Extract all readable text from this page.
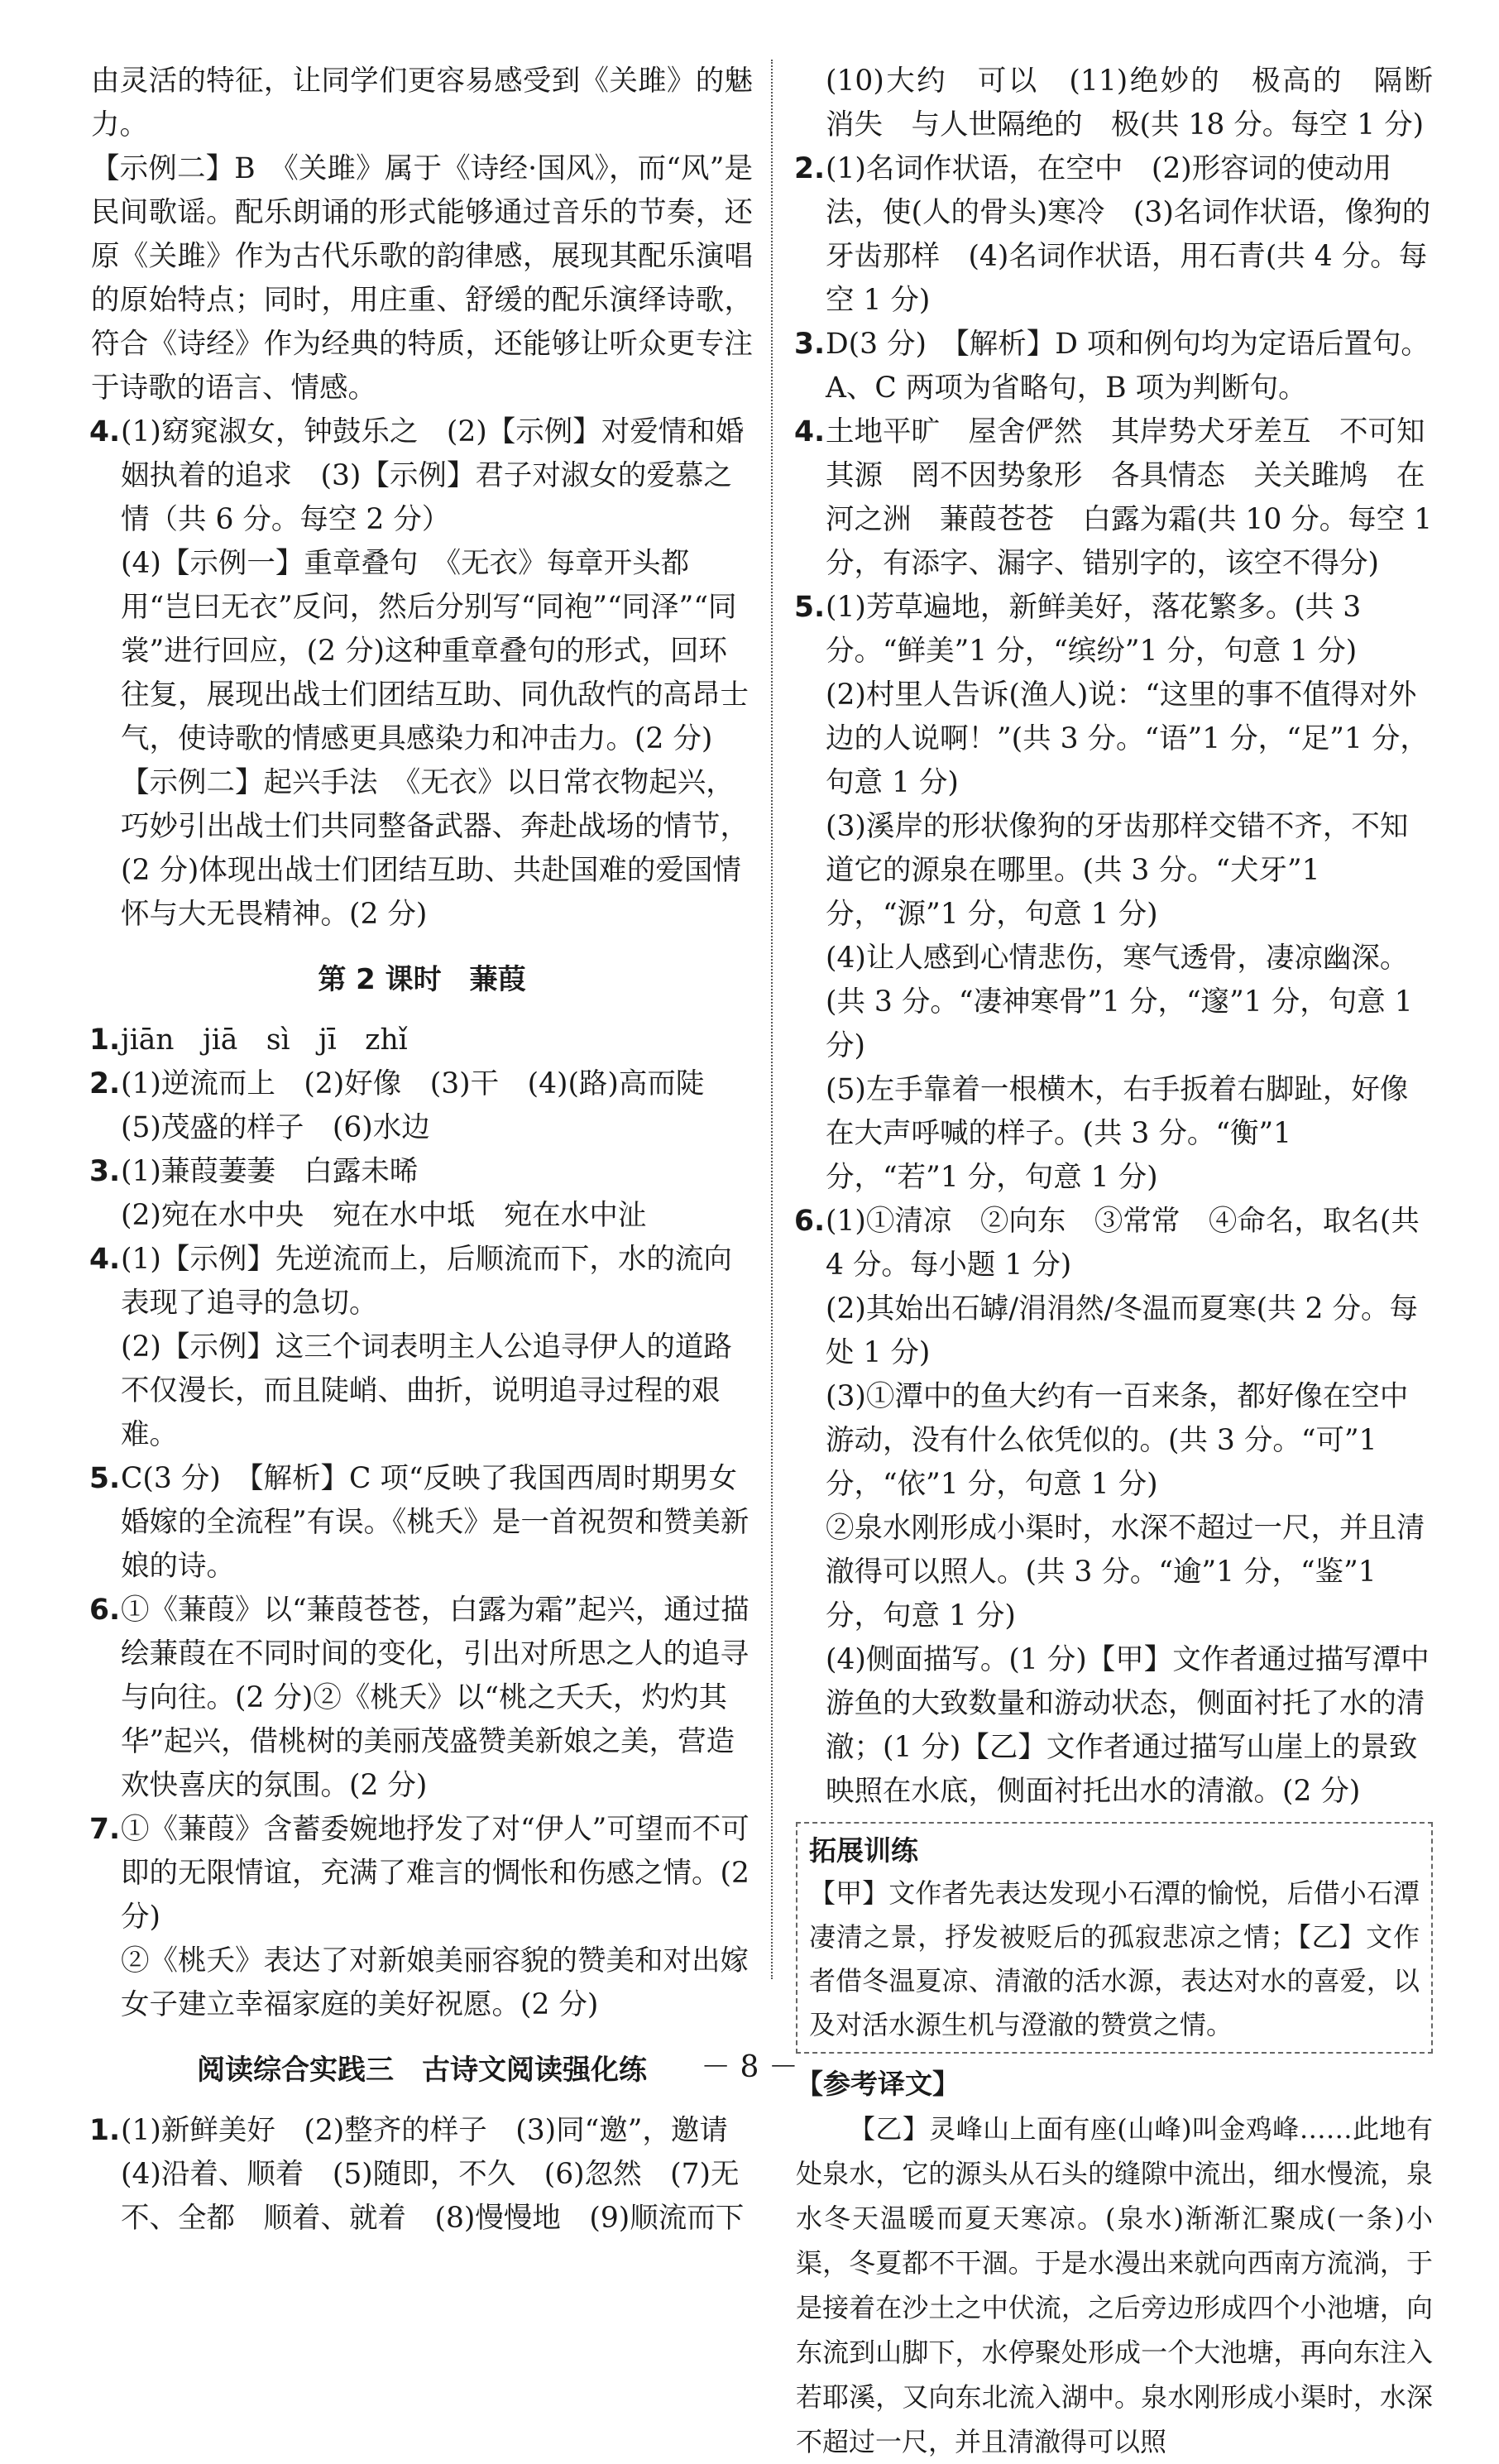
由灵活的特征，让同学们更容易感受到《关雎》的魅力。

【示例二】B　《关雎》属于《诗经·国风》，而“风”是民间歌谣。配乐朗诵的形式能够通过音乐的节奏，还原《关雎》作为古代乐歌的韵律感，展现其配乐演唱的原始特点；同时，用庄重、舒缓的配乐演绎诗歌，符合《诗经》作为经典的特质，还能够让听众更专注于诗歌的语言、情感。

4. (1)窈窕淑女，钟鼓乐之　(2)【示例】对爱情和婚姻执着的追求　(3)【示例】君子对淑女的爱慕之情（共 6 分。每空 2 分）
(4)【示例一】重章叠句　《无衣》每章开头都用“岂曰无衣”反问，然后分别写“同袍”“同泽”“同裳”进行回应，(2 分)这种重章叠句的形式，回环往复，展现出战士们团结互助、同仇敌忾的高昂士气，使诗歌的情感更具感染力和冲击力。(2 分)
【示例二】起兴手法　《无衣》以日常衣物起兴，巧妙引出战士们共同整备武器、奔赴战场的情节，(2 分)体现出战士们团结互助、共赴国难的爱国情怀与大无畏精神。(2 分)
第 2 课时　蒹葭
1. jiān　jiā　sì　jī　zhǐ
2. (1)逆流而上　(2)好像　(3)干　(4)(路)高而陡
(5)茂盛的样子　(6)水边
3. (1)蒹葭萋萋　白露未晞
(2)宛在水中央　宛在水中坻　宛在水中沚
4. (1)【示例】先逆流而上，后顺流而下，水的流向表现了追寻的急切。
(2)【示例】这三个词表明主人公追寻伊人的道路不仅漫长，而且陡峭、曲折，说明追寻过程的艰难。
5. C(3 分)　【解析】C 项“反映了我国西周时期男女婚嫁的全流程”有误。《桃夭》是一首祝贺和赞美新娘的诗。
6. ①《蒹葭》以“蒹葭苍苍，白露为霜”起兴，通过描绘蒹葭在不同时间的变化，引出对所思之人的追寻与向往。(2 分)②《桃夭》以“桃之夭夭，灼灼其华”起兴，借桃树的美丽茂盛赞美新娘之美，营造欢快喜庆的氛围。(2 分)
7. ①《蒹葭》含蓄委婉地抒发了对“伊人”可望而不可即的无限情谊，充满了难言的惆怅和伤感之情。(2 分)
②《桃夭》表达了对新娘美丽容貌的赞美和对出嫁女子建立幸福家庭的美好祝愿。(2 分)
阅读综合实践三　古诗文阅读强化练
1. (1)新鲜美好　(2)整齐的样子　(3)同“邀”，邀请　(4)沿着、顺着　(5)随即，不久　(6)忽然　(7)无不、全都　顺着、就着　(8)慢慢地　(9)顺流而下

(10)大约　可以　(11)绝妙的　极高的　隔断　消失　与人世隔绝的　极(共 18 分。每空 1 分)

2. (1)名词作状语，在空中　(2)形容词的使动用法，使(人的骨头)寒冷　(3)名词作状语，像狗的牙齿那样　(4)名词作状语，用石青(共 4 分。每空 1 分)
3. D(3 分)　【解析】D 项和例句均为定语后置句。A、C 两项为省略句，B 项为判断句。
4. 土地平旷　屋舍俨然　其岸势犬牙差互　不可知其源　罔不因势象形　各具情态　关关雎鸠　在河之洲　蒹葭苍苍　白露为霜(共 10 分。每空 1 分，有添字、漏字、错别字的，该空不得分)
5. (1)芳草遍地，新鲜美好，落花繁多。(共 3 分。“鲜美”1 分，“缤纷”1 分，句意 1 分)
(2)村里人告诉(渔人)说：“这里的事不值得对外边的人说啊！”(共 3 分。“语”1 分，“足”1 分，句意 1 分)
(3)溪岸的形状像狗的牙齿那样交错不齐，不知道它的源泉在哪里。(共 3 分。“犬牙”1 分，“源”1 分，句意 1 分)
(4)让人感到心情悲伤，寒气透骨，凄凉幽深。(共 3 分。“凄神寒骨”1 分，“邃”1 分，句意 1 分)
(5)左手靠着一根横木，右手扳着右脚趾，好像在大声呼喊的样子。(共 3 分。“衡”1 分，“若”1 分，句意 1 分)
6. (1)①清凉　②向东　③常常　④命名，取名(共 4 分。每小题 1 分)
(2)其始出石罅/涓涓然/冬温而夏寒(共 2 分。每处 1 分)
(3)①潭中的鱼大约有一百来条，都好像在空中游动，没有什么依凭似的。(共 3 分。“可”1 分，“依”1 分，句意 1 分)
②泉水刚形成小渠时，水深不超过一尺，并且清澈得可以照人。(共 3 分。“逾”1 分，“鉴”1 分，句意 1 分)
(4)侧面描写。(1 分)【甲】文作者通过描写潭中游鱼的大致数量和游动状态，侧面衬托了水的清澈；(1 分)【乙】文作者通过描写山崖上的景致映照在水底，侧面衬托出水的清澈。(2 分)
拓展训练
【甲】文作者先表达发现小石潭的愉悦，后借小石潭凄清之景，抒发被贬后的孤寂悲凉之情；【乙】文作者借冬温夏凉、清澈的活水源，表达对水的喜爱，以及对活水源生机与澄澈的赞赏之情。
【参考译文】

【乙】灵峰山上面有座(山峰)叫金鸡峰……此地有处泉水，它的源头从石头的缝隙中流出，细水慢流，泉水冬天温暖而夏天寒凉。(泉水)渐渐汇聚成(一条)小渠，冬夏都不干涸。于是水漫出来就向西南方流淌，于是接着在沙土之中伏流，之后旁边形成四个小池塘，向东流到山脚下，水停聚处形成一个大池塘，再向东注入若耶溪，又向东北流入湖中。泉水刚形成小渠时，水深不超过一尺，并且清澈得可以照

－ 8 －
